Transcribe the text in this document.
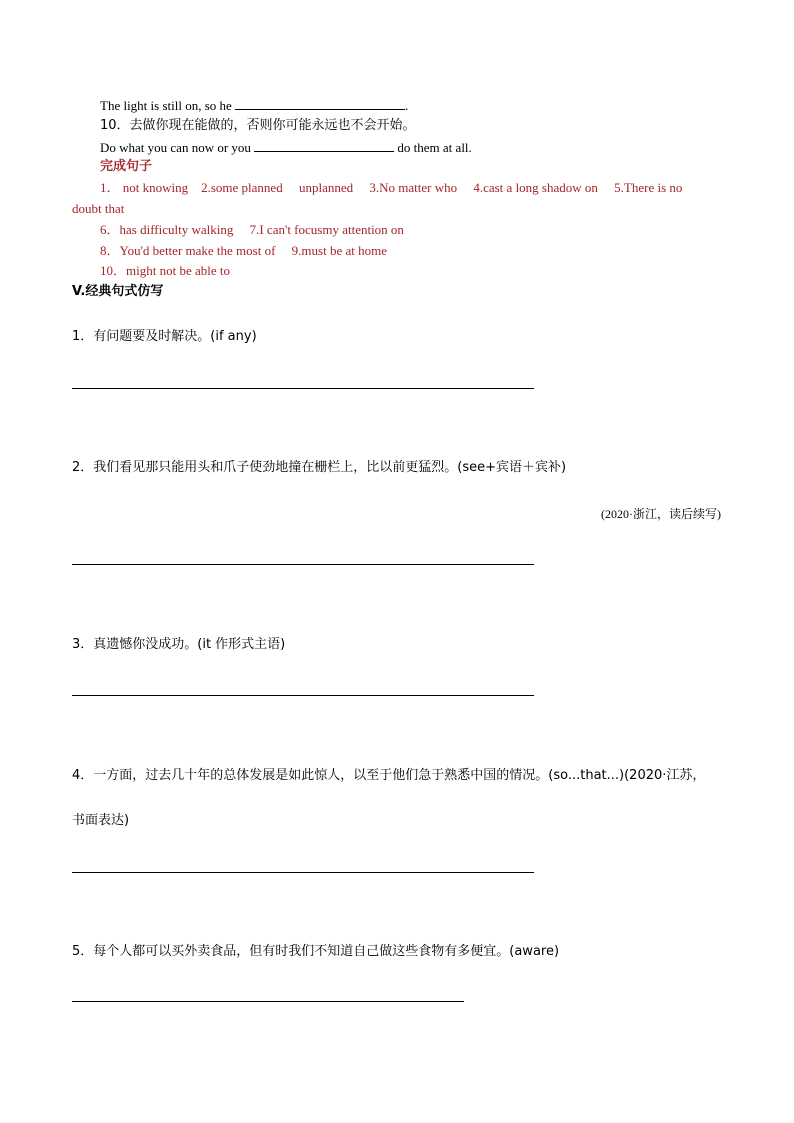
The light is still on, so he	.
10．去做你现在能做的，否则你可能永远也不会开始。
Do what you can now or you	do them at all.
完成句子
1． not knowing    2.some planned     unplanned     3.No matter who     4.cast a long shadow on     5.There is no
doubt that
6．has difficulty walking     7.I can't focusmy attention on
8．You'd better make the most of     9.must be at home
10．might not be able to
V.经典句式仿写
1．有问题要及时解决。(if any)
2．我们看见那只能用头和爪子使劲地撞在栅栏上，比以前更猛烈。(see+宾语＋宾补)
(2020·浙江，读后续写)
3．真遗憾你没成功。(it 作形式主语)
4．一方面，过去几十年的总体发展是如此惊人，以至于他们急于熟悉中国的情况。(so...that...)(2020·江苏，
书面表达)
5．每个人都可以买外卖食品，但有时我们不知道自己做这些食物有多便宜。(aware)
